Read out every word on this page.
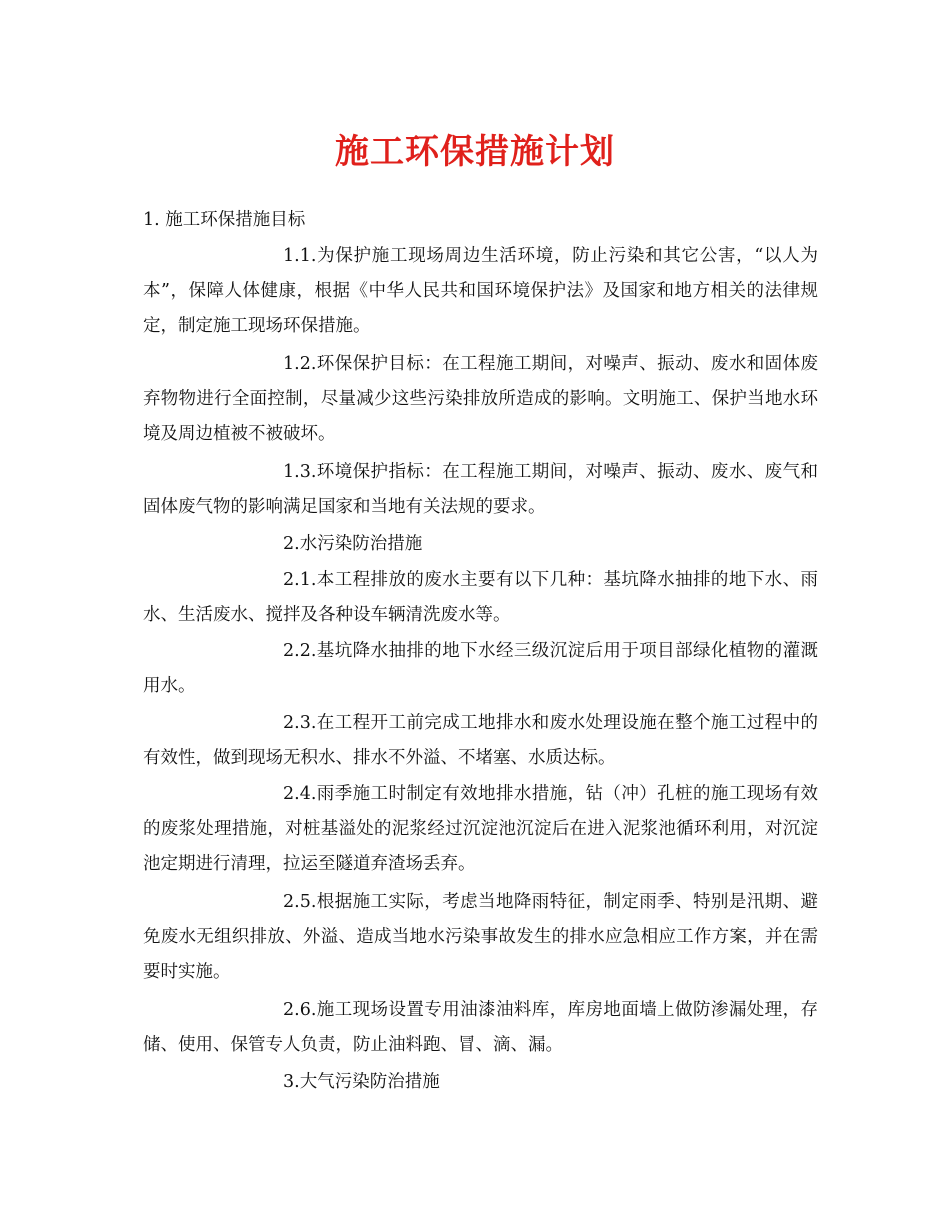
施工环保措施计划
1. 施工环保措施目标
1.1.为保护施工现场周边生活环境，防止污染和其它公害，“以人为本”，保障人体健康，根据《中华人民共和国环境保护法》及国家和地方相关的法律规定，制定施工现场环保措施。
1.2.环保保护目标：在工程施工期间，对噪声、振动、废水和固体废弃物物进行全面控制，尽量减少这些污染排放所造成的影响。文明施工、保护当地水环境及周边植被不被破坏。
1.3.环境保护指标：在工程施工期间，对噪声、振动、废水、废气和固体废气物的影响满足国家和当地有关法规的要求。
2.水污染防治措施
2.1.本工程排放的废水主要有以下几种：基坑降水抽排的地下水、雨水、生活废水、搅拌及各种设车辆清洗废水等。
2.2.基坑降水抽排的地下水经三级沉淀后用于项目部绿化植物的灌溉用水。
2.3.在工程开工前完成工地排水和废水处理设施在整个施工过程中的有效性，做到现场无积水、排水不外溢、不堵塞、水质达标。
2.4.雨季施工时制定有效地排水措施，钻（冲）孔桩的施工现场有效的废浆处理措施，对桩基溢处的泥浆经过沉淀池沉淀后在进入泥浆池循环利用，对沉淀池定期进行清理，拉运至隧道弃渣场丢弃。
2.5.根据施工实际，考虑当地降雨特征，制定雨季、特别是汛期、避免废水无组织排放、外溢、造成当地水污染事故发生的排水应急相应工作方案，并在需要时实施。
2.6.施工现场设置专用油漆油料库，库房地面墙上做防渗漏处理，存储、使用、保管专人负责，防止油料跑、冒、滴、漏。
3.大气污染防治措施
